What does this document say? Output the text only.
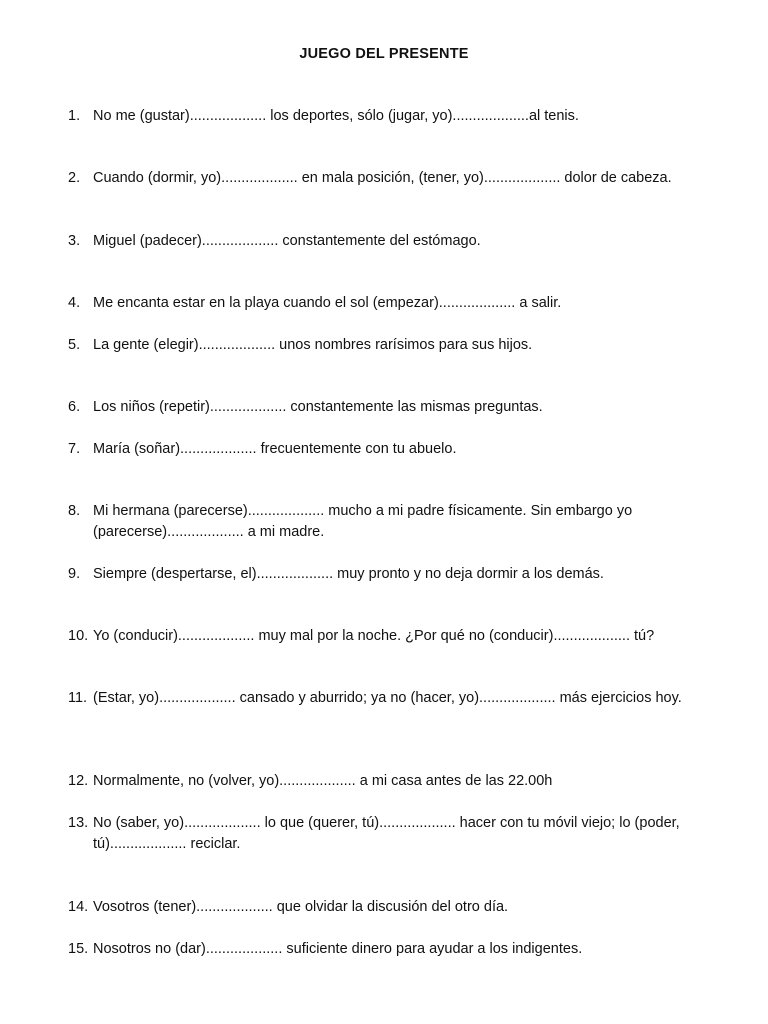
JUEGO DEL PRESENTE
1. No me (gustar)................... los deportes, sólo (jugar, yo)...................al tenis.
2. Cuando (dormir, yo)................... en mala posición, (tener, yo)................... dolor de cabeza.
3. Miguel (padecer)................... constantemente del estómago.
4. Me encanta estar en la playa cuando el sol (empezar)................... a salir.
5. La gente (elegir)................... unos nombres rarísimos para sus hijos.
6. Los niños (repetir)................... constantemente las mismas preguntas.
7. María (soñar)................... frecuentemente con tu abuelo.
8. Mi hermana (parecerse)................... mucho a mi padre físicamente. Sin embargo yo (parecerse)................... a mi madre.
9. Siempre (despertarse, el)................... muy pronto y no deja dormir a los demás.
10. Yo (conducir)................... muy mal por la noche. ¿Por qué no (conducir)................... tú?
11. (Estar, yo)................... cansado y aburrido; ya no (hacer, yo)................... más ejercicios hoy.
12. Normalmente, no (volver, yo)................... a mi casa antes de las 22.00h
13. No (saber, yo)................... lo que (querer, tú)................... hacer con tu móvil viejo; lo (poder, tú)................... reciclar.
14. Vosotros (tener)................... que olvidar la discusión del otro día.
15. Nosotros no (dar)................... suficiente dinero para ayudar a los indigentes.
